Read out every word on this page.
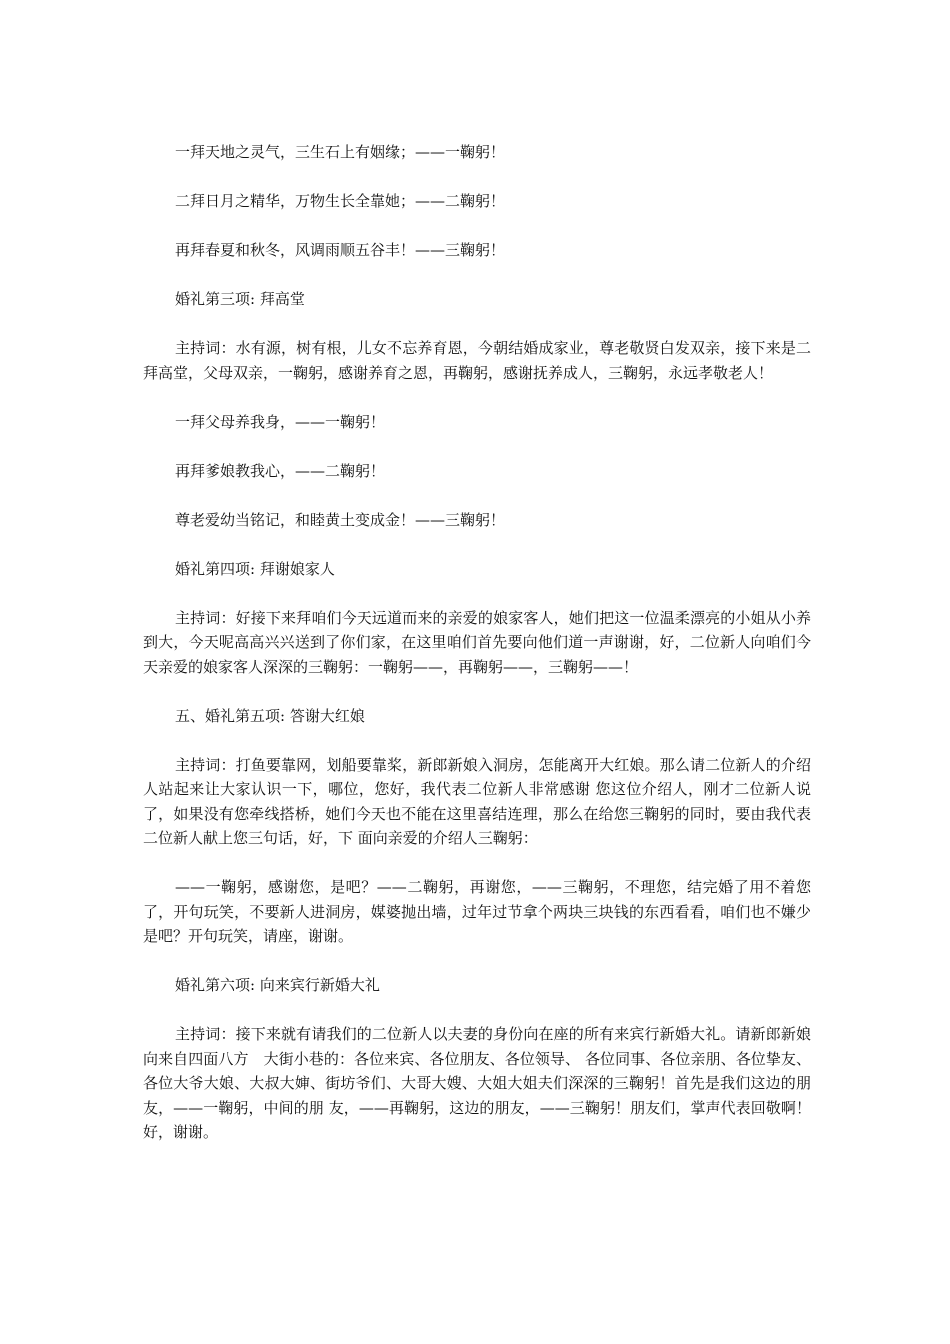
一拜天地之灵气，三生石上有姻缘；——一鞠躬！

二拜日月之精华，万物生长全靠她；——二鞠躬！

再拜春夏和秋冬，风调雨顺五谷丰！——三鞠躬！

婚礼第三项: 拜高堂

主持词：水有源，树有根，儿女不忘养育恩，今朝结婚成家业，尊老敬贤白发双亲，接下来是二拜高堂，父母双亲，一鞠躬，感谢养育之恩，再鞠躬，感谢抚养成人，三鞠躬，永远孝敬老人！

一拜父母养我身，——一鞠躬！

再拜爹娘教我心，——二鞠躬！

尊老爱幼当铭记，和睦黄土变成金！——三鞠躬！

婚礼第四项: 拜谢娘家人

主持词：好接下来拜咱们今天远道而来的亲爱的娘家客人，她们把这一位温柔漂亮的小姐从小养到大，今天呢高高兴兴送到了你们家，在这里咱们首先要向他们道一声谢谢，好，二位新人向咱们今天亲爱的娘家客人深深的三鞠躬：一鞠躬——，再鞠躬——，三鞠躬——！

五、婚礼第五项: 答谢大红娘

主持词：打鱼要靠网，划船要靠桨，新郎新娘入洞房，怎能离开大红娘。那么请二位新人的介绍人站起来让大家认识一下，哪位，您好，我代表二位新人非常感谢 您这位介绍人，刚才二位新人说了，如果没有您牵线搭桥，她们今天也不能在这里喜结连理，那么在给您三鞠躬的同时，要由我代表二位新人献上您三句话，好，下 面向亲爱的介绍人三鞠躬：

——一鞠躬，感谢您，是吧？——二鞠躬，再谢您，——三鞠躬，不理您，结完婚了用不着您了，开句玩笑，不要新人进洞房，媒婆抛出墙，过年过节拿个两块三块钱的东西看看，咱们也不嫌少是吧？开句玩笑，请座，谢谢。

婚礼第六项: 向来宾行新婚大礼

主持词：接下来就有请我们的二位新人以夫妻的身份向在座的所有来宾行新婚大礼。请新郎新娘向来自四面八方　大街小巷的：各位来宾、各位朋友、各位领导、 各位同事、各位亲朋、各位挚友、各位大爷大娘、大叔大婶、街坊爷们、大哥大嫂、大姐大姐夫们深深的三鞠躬！首先是我们这边的朋友，——一鞠躬，中间的朋 友，——再鞠躬，这边的朋友，——三鞠躬！朋友们，掌声代表回敬啊！好，谢谢。
